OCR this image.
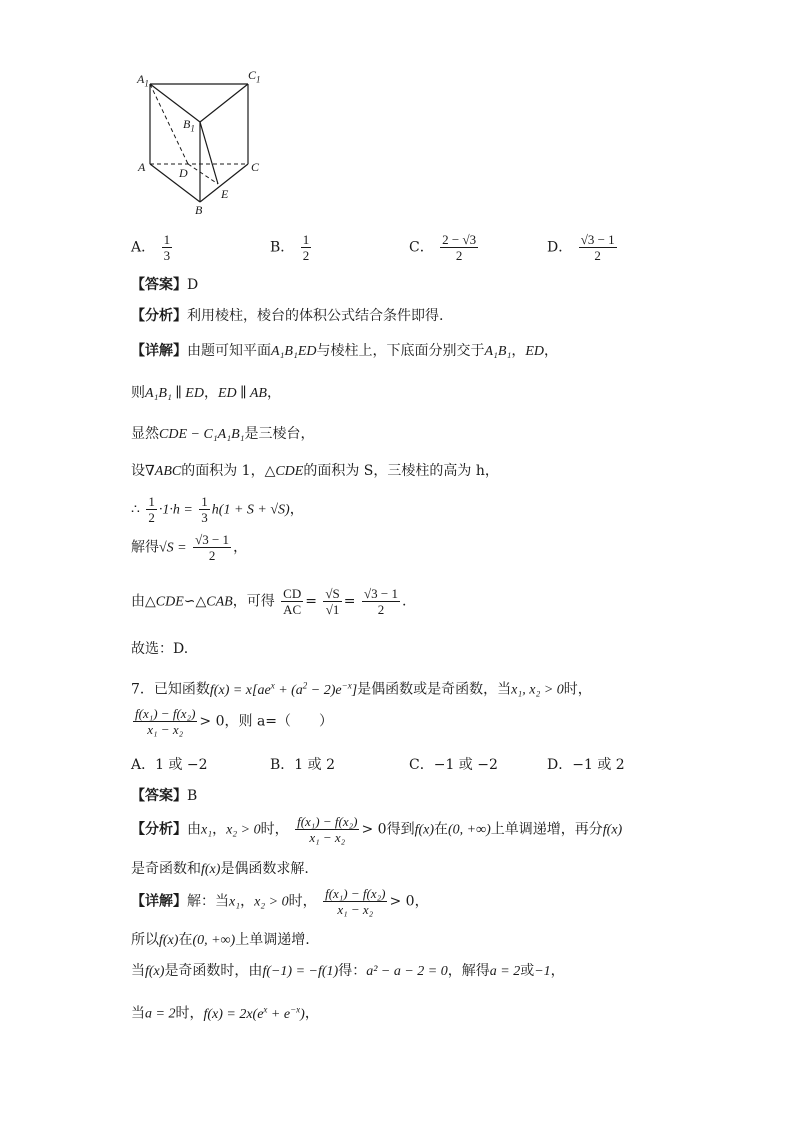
$A_1$
$C_1$
$B_1$
A	C
D
E
B
A． $\frac{1}{3}$	B． $\frac{1}{2}$	C． $\frac{2 - √3}{2}$	D． $\frac{√3 - 1}{2}$
【答案】D
【分析】利用棱柱，棱台的体积公式结合条件即得.
【详解】由题可知平面A₁B₁ED与棱柱上，下底面分别交于A₁B₁，ED，
则A₁B₁ ∥ ED，ED ∥ AB，
显然CDE − C₁A₁B₁是三棱台，
设∇ABC的面积为 1，△CDE的面积为 S，三棱柱的高为 h，
∴ $\frac{1}{2} \cdot 1\cdot h = \frac{1}{3} h(1 + S + √S)$，
解得$√S = \frac{√3 - 1}{2}$ ，
由△CDE∽△CAB，可得 $\frac{CD}{AC} = \frac{√S}{√1} = \frac{√3 - 1}{2}$ .
故选：D.
7．已知函数$f(x) = x[ae^x + (a^2 - 2)e^{-x}]$是偶函数或是奇函数，当x₁, x₂ > 0时，
$\frac{\text{f(x₁) − f(x₂)}}{\text{x₁ − x₂}} > 0$，则 a=（　　）
A．1 或 −2	B．1 或 2	C．−1 或 −2	D．−1 或 2
【答案】B
【分析】由x₁，x₂ > 0时， $\frac{\text{f(x₁) − f(x₂)}}{\text{x₁ − x₂}} > 0$得到f(x)在(0, +∞)上单调递增，再分f(x)
是奇函数和f(x)是偶函数求解.
【详解】解：当x₁，x₂ > 0时， $\frac{\text{f(x₁) − f(x₂)}}{\text{x₁ − x₂}} > 0$，
所以f(x)在(0, +∞)上单调递增.
当f(x)是奇函数时，由f(−1) = −f(1)得：a² − a − 2 = 0，解得a = 2或−1，
当a = 2时，$f(x) = 2x(e^x + e^{-x})$，
